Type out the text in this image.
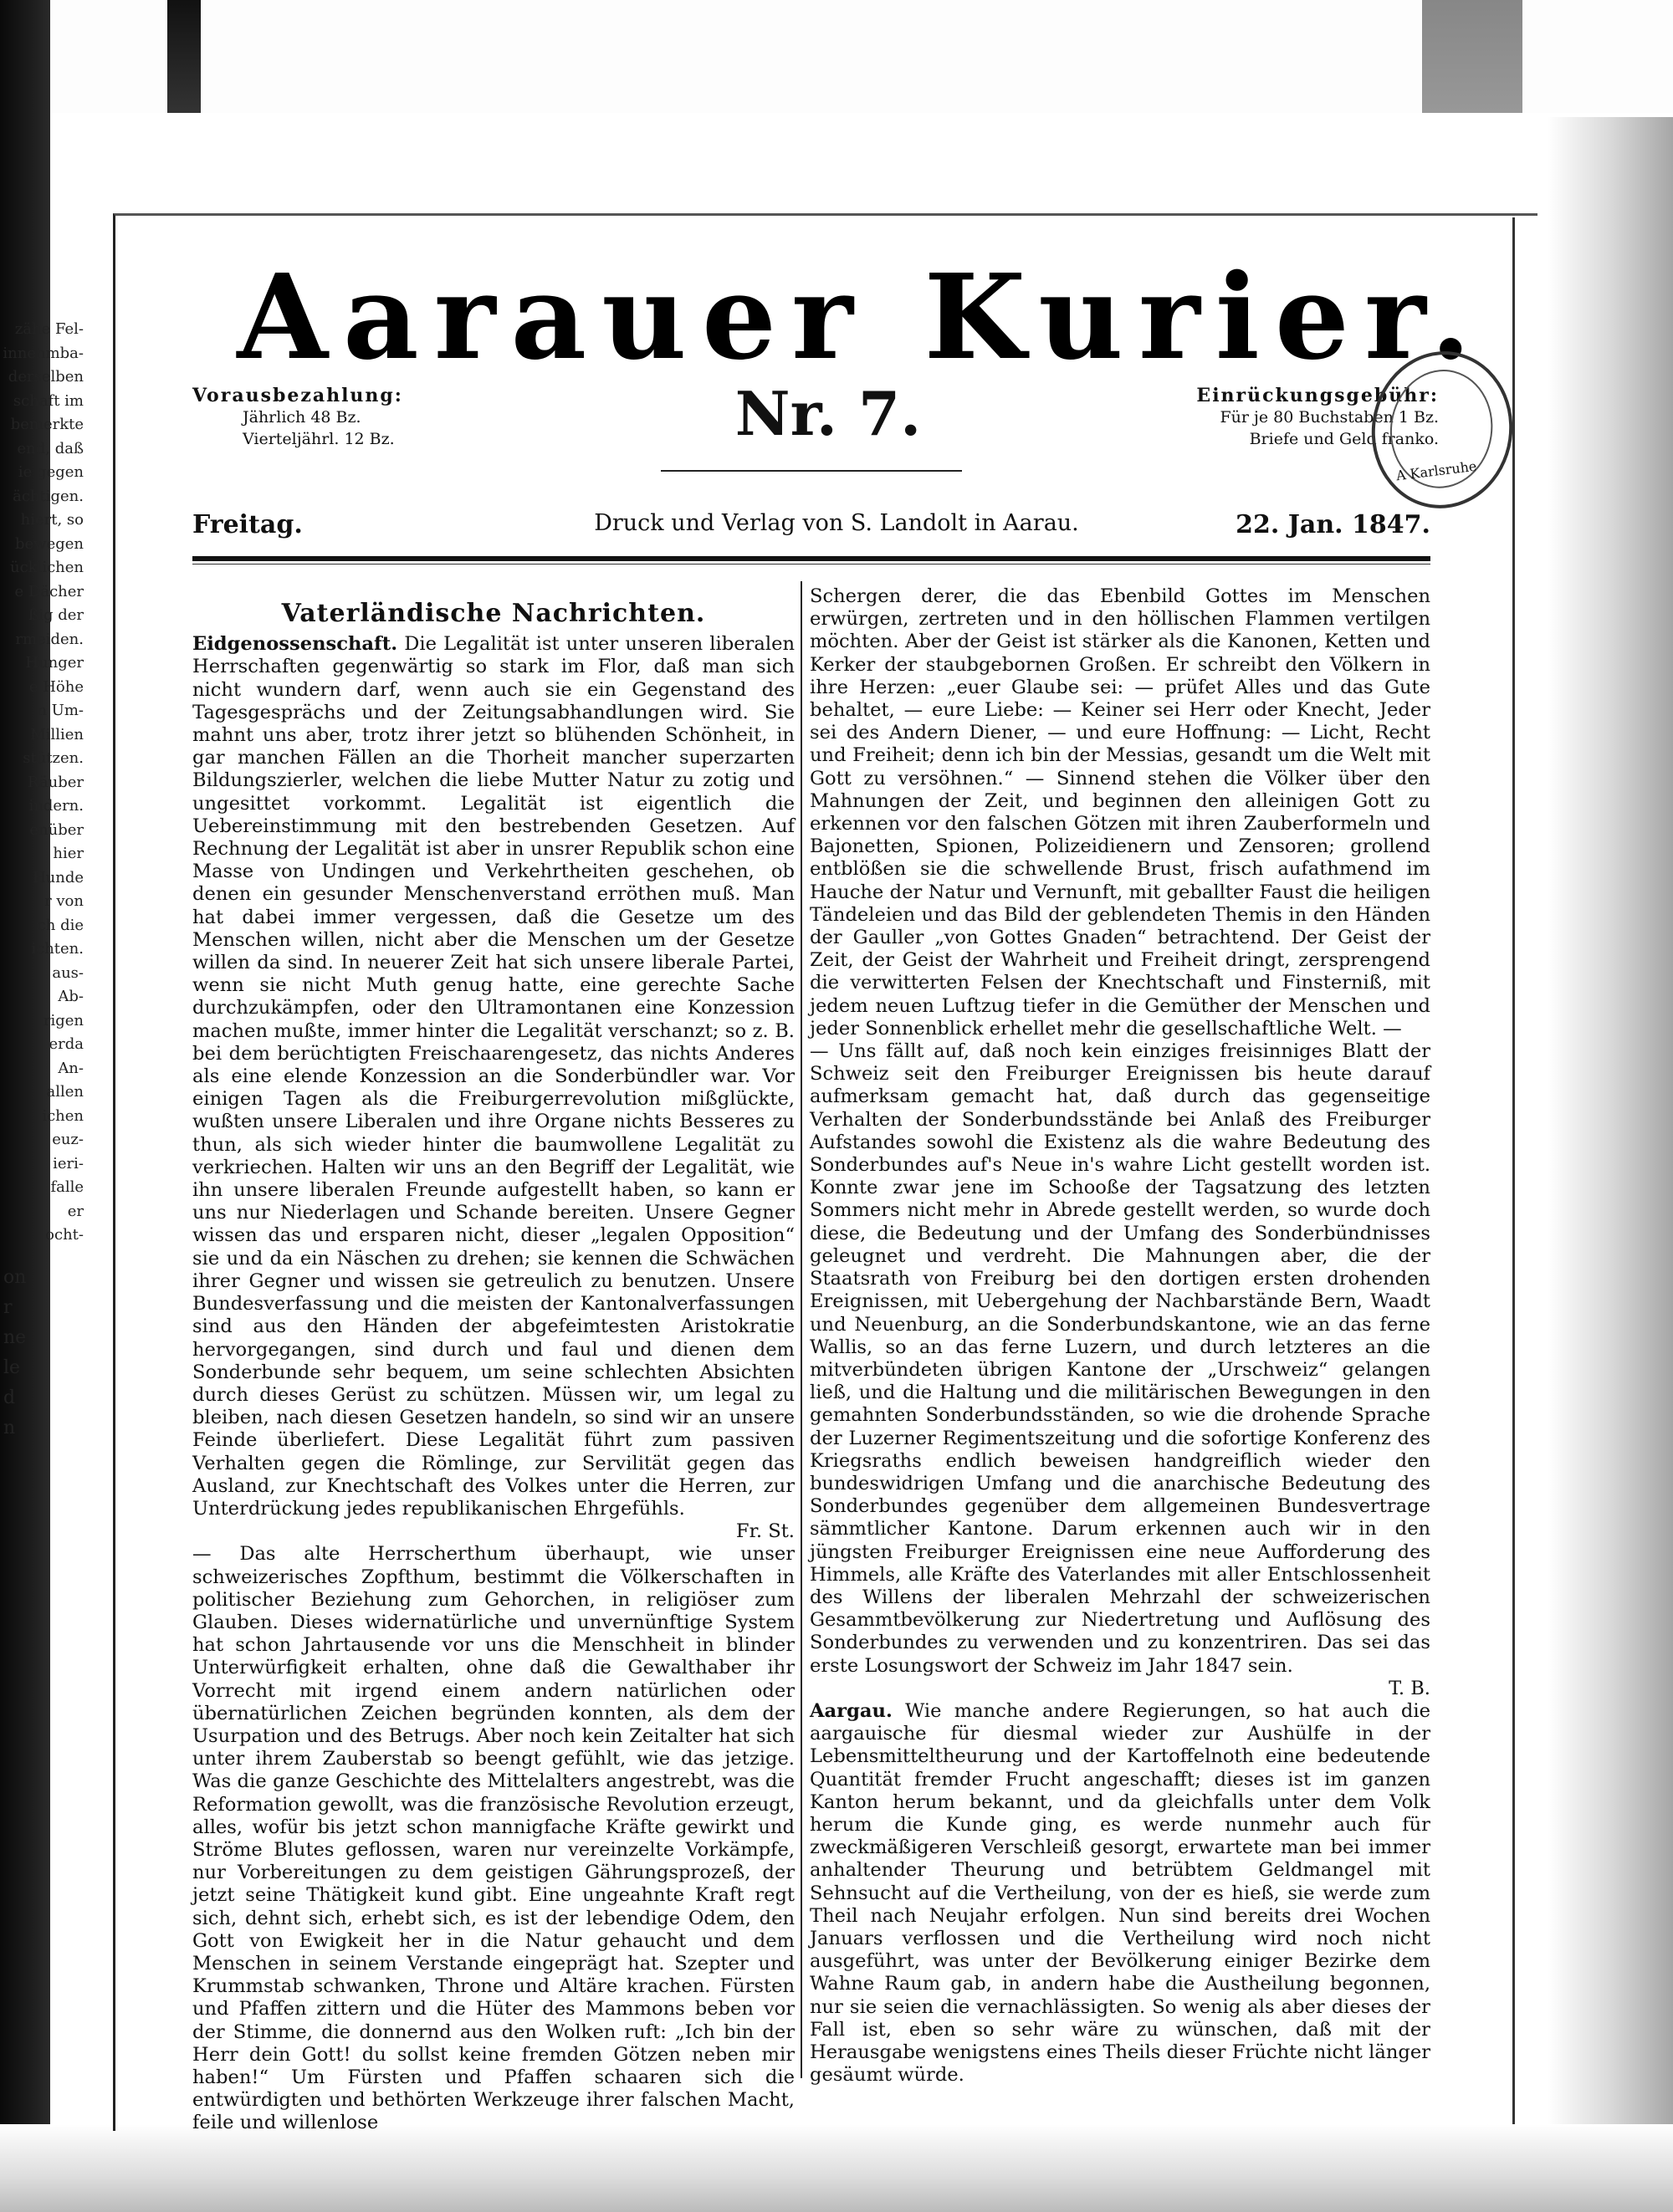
zähe Fel-
innehmba-
derselben
schaft im
bemerkte
end, daß
ie gegen
ächtigen.
hiert, so
bewegen
ücklichen
e Dächer
ßig der
rmeiden.
Hunger
e Höhe
n Um-
Millien
stützen.
Räuber
indern.
enüber
hier
Hunde
r von
ch die
ichten.
aus-
Ab-
rigen
erda
An-
allen
ichen
euz-
ieri-
falle
er
ocht-
on
r
ne
le
d
n
Aarauer Kurier.
Vorausbezahlung:
Jährlich 48 Bz.
Vierteljährl. 12 Bz.	Nr. 7.	Einrückungsgebühr:
Für je 80 Buchstaben 1 Bz.
Briefe und Geld franko.
A Karlsruhe
Freitag.	Druck und Verlag von S. Landolt in Aarau.	22. Jan. 1847.
Vaterländische Nachrichten.

Eidgenossenschaft. Die Legalität ist unter unseren liberalen Herrschaften gegenwärtig so stark im Flor, daß man sich nicht wundern darf, wenn auch sie ein Gegenstand des Tagesgesprächs und der Zeitungsabhandlungen wird. Sie mahnt uns aber, trotz ihrer jetzt so blühenden Schönheit, in gar manchen Fällen an die Thorheit mancher superzarten Bildungszierler, welchen die liebe Mutter Natur zu zotig und ungesittet vorkommt. Legalität ist eigentlich die Uebereinstimmung mit den bestrebenden Gesetzen. Auf Rechnung der Legalität ist aber in unsrer Republik schon eine Masse von Undingen und Verkehrtheiten geschehen, ob denen ein gesunder Menschenverstand erröthen muß. Man hat dabei immer vergessen, daß die Gesetze um des Menschen willen, nicht aber die Menschen um der Gesetze willen da sind. In neuerer Zeit hat sich unsere liberale Partei, wenn sie nicht Muth genug hatte, eine gerechte Sache durchzukämpfen, oder den Ultramontanen eine Konzession machen mußte, immer hinter die Legalität verschanzt; so z. B. bei dem berüchtigten Freischaarengesetz, das nichts Anderes als eine elende Konzession an die Sonderbündler war. Vor einigen Tagen als die Freiburgerrevolution mißglückte, wußten unsere Liberalen und ihre Organe nichts Besseres zu thun, als sich wieder hinter die baumwollene Legalität zu verkriechen. Halten wir uns an den Begriff der Legalität, wie ihn unsere liberalen Freunde aufgestellt haben, so kann er uns nur Niederlagen und Schande bereiten. Unsere Gegner wissen das und ersparen nicht, dieser „legalen Opposition“ sie und da ein Näschen zu drehen; sie kennen die Schwächen ihrer Gegner und wissen sie getreulich zu benutzen. Unsere Bundesverfassung und die meisten der Kantonalverfassungen sind aus den Händen der abgefeimtesten Aristokratie hervorgegangen, sind durch und faul und dienen dem Sonderbunde sehr bequem, um seine schlechten Absichten durch dieses Gerüst zu schützen. Müssen wir, um legal zu bleiben, nach diesen Gesetzen handeln, so sind wir an unsere Feinde überliefert. Diese Legalität führt zum passiven Verhalten gegen die Römlinge, zur Servilität gegen das Ausland, zur Knechtschaft des Volkes unter die Herren, zur Unterdrückung jedes republikanischen Ehrgefühls.
Fr. St.

— Das alte Herrscherthum überhaupt, wie unser schweizerisches Zopfthum, bestimmt die Völkerschaften in politischer Beziehung zum Gehorchen, in religiöser zum Glauben. Dieses widernatürliche und unvernünftige System hat schon Jahrtausende vor uns die Menschheit in blinder Unterwürfigkeit erhalten, ohne daß die Gewalthaber ihr Vorrecht mit irgend einem andern natürlichen oder übernatürlichen Zeichen begründen konnten, als dem der Usurpation und des Betrugs. Aber noch kein Zeitalter hat sich unter ihrem Zauberstab so beengt gefühlt, wie das jetzige. Was die ganze Geschichte des Mittelalters angestrebt, was die Reformation gewollt, was die französische Revolution erzeugt, alles, wofür bis jetzt schon mannigfache Kräfte gewirkt und Ströme Blutes geflossen, waren nur vereinzelte Vorkämpfe, nur Vorbereitungen zu dem geistigen Gährungsprozeß, der jetzt seine Thätigkeit kund gibt. Eine ungeahnte Kraft regt sich, dehnt sich, erhebt sich, es ist der lebendige Odem, den Gott von Ewigkeit her in die Natur gehaucht und dem Menschen in seinem Verstande eingeprägt hat. Szepter und Krummstab schwanken, Throne und Altäre krachen. Fürsten und Pfaffen zittern und die Hüter des Mammons beben vor der Stimme, die donnernd aus den Wolken ruft: „Ich bin der Herr dein Gott! du sollst keine fremden Götzen neben mir haben!“ Um Fürsten und Pfaffen schaaren sich die entwürdigten und bethörten Werkzeuge ihrer falschen Macht, feile und willenlose

Schergen derer, die das Ebenbild Gottes im Menschen erwürgen, zertreten und in den höllischen Flammen vertilgen möchten. Aber der Geist ist stärker als die Kanonen, Ketten und Kerker der staubgebornen Großen. Er schreibt den Völkern in ihre Herzen: „euer Glaube sei: — prüfet Alles und das Gute behaltet, — eure Liebe: — Keiner sei Herr oder Knecht, Jeder sei des Andern Diener, — und eure Hoffnung: — Licht, Recht und Freiheit; denn ich bin der Messias, gesandt um die Welt mit Gott zu versöhnen.“ — Sinnend stehen die Völker über den Mahnungen der Zeit, und beginnen den alleinigen Gott zu erkennen vor den falschen Götzen mit ihren Zauberformeln und Bajonetten, Spionen, Polizeidienern und Zensoren; grollend entblößen sie die schwellende Brust, frisch aufathmend im Hauche der Natur und Vernunft, mit geballter Faust die heiligen Tändeleien und das Bild der geblendeten Themis in den Händen der Gauller „von Gottes Gnaden“ betrachtend. Der Geist der Zeit, der Geist der Wahrheit und Freiheit dringt, zersprengend die verwitterten Felsen der Knechtschaft und Finsterniß, mit jedem neuen Luftzug tiefer in die Gemüther der Menschen und jeder Sonnenblick erhellet mehr die gesellschaftliche Welt. —

— Uns fällt auf, daß noch kein einziges freisinniges Blatt der Schweiz seit den Freiburger Ereignissen bis heute darauf aufmerksam gemacht hat, daß durch das gegenseitige Verhalten der Sonderbundsstände bei Anlaß des Freiburger Aufstandes sowohl die Existenz als die wahre Bedeutung des Sonderbundes auf's Neue in's wahre Licht gestellt worden ist. Konnte zwar jene im Schooße der Tagsatzung des letzten Sommers nicht mehr in Abrede gestellt werden, so wurde doch diese, die Bedeutung und der Umfang des Sonderbündnisses geleugnet und verdreht. Die Mahnungen aber, die der Staatsrath von Freiburg bei den dortigen ersten drohenden Ereignissen, mit Uebergehung der Nachbarstände Bern, Waadt und Neuenburg, an die Sonderbundskantone, wie an das ferne Wallis, so an das ferne Luzern, und durch letzteres an die mitverbündeten übrigen Kantone der „Urschweiz“ gelangen ließ, und die Haltung und die militärischen Bewegungen in den gemahnten Sonderbundsständen, so wie die drohende Sprache der Luzerner Regimentszeitung und die sofortige Konferenz des Kriegsraths endlich beweisen handgreiflich wieder den bundeswidrigen Umfang und die anarchische Bedeutung des Sonderbundes gegenüber dem allgemeinen Bundesvertrage sämmtlicher Kantone. Darum erkennen auch wir in den jüngsten Freiburger Ereignissen eine neue Aufforderung des Himmels, alle Kräfte des Vaterlandes mit aller Entschlossenheit des Willens der liberalen Mehrzahl der schweizerischen Gesammtbevölkerung zur Niedertretung und Auflösung des Sonderbundes zu verwenden und zu konzentriren. Das sei das erste Losungswort der Schweiz im Jahr 1847 sein.
T. B.

Aargau. Wie manche andere Regierungen, so hat auch die aargauische für diesmal wieder zur Aushülfe in der Lebensmittelthеurung und der Kartoffelnoth eine bedeutende Quantität fremder Frucht angeschafft; dieses ist im ganzen Kanton herum bekannt, und da gleichfalls unter dem Volk herum die Kunde ging, es werde nunmehr auch für zweckmäßigeren Verschleiß gesorgt, erwartete man bei immer anhaltender Theurung und betrübtem Geldmangel mit Sehnsucht auf die Vertheilung, von der es hieß, sie werde zum Theil nach Neujahr erfolgen. Nun sind bereits drei Wochen Januars verflossen und die Vertheilung wird noch nicht ausgeführt, was unter der Bevölkerung einiger Bezirke dem Wahne Raum gab, in andern habe die Austheilung begonnen, nur sie seien die vernachlässigten. So wenig als aber dieses der Fall ist, eben so sehr wäre zu wünschen, daß mit der Herausgabe wenigstens eines Theils dieser Früchte nicht länger gesäumt würde.
